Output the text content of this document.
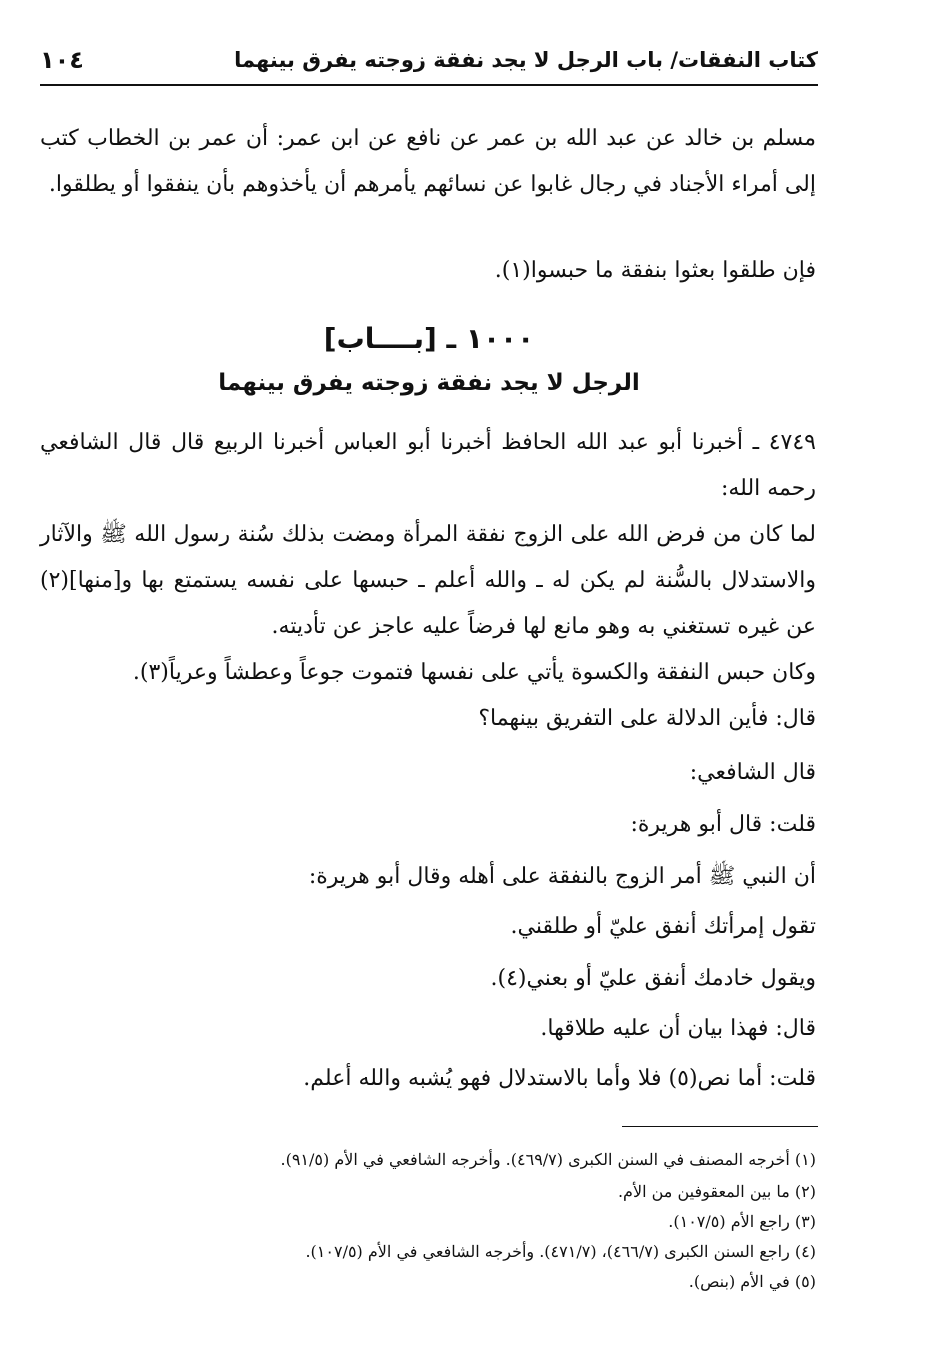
كتاب النفقات/ باب الرجل لا يجد نفقة زوجته يفرق بينهما
١٠٤
مسلم بن خالد عن عبد الله بن عمر عن نافع عن ابن عمر: أن عمر بن الخطاب كتب إلى أمراء الأجناد في رجال غابوا عن نسائهم يأمرهم أن يأخذوهم بأن ينفقوا أو يطلقوا.
فإن طلقوا بعثوا بنفقة ما حبسوا(١).
١٠٠٠ ـ [بــــاب]
الرجل لا يجد نفقة زوجته يفرق بينهما
٤٧٤٩ ـ أخبرنا أبو عبد الله الحافظ أخبرنا أبو العباس أخبرنا الربيع قال قال الشافعي رحمه الله:
لما كان من فرض الله على الزوج نفقة المرأة ومضت بذلك سُنة رسول الله ﷺ والآثار والاستدلال بالسُّنة لم يكن له ـ والله أعلم ـ حبسها على نفسه يستمتع بها و[منها](٢) عن غيره تستغني به وهو مانع لها فرضاً عليه عاجز عن تأديته.
وكان حبس النفقة والكسوة يأتي على نفسها فتموت جوعاً وعطشاً وعرياً(٣).
قال: فأين الدلالة على التفريق بينهما؟
قال الشافعي:
قلت: قال أبو هريرة:
أن النبي ﷺ أمر الزوج بالنفقة على أهله وقال أبو هريرة:
تقول إمرأتك أنفق عليّ أو طلقني.
ويقول خادمك أنفق عليّ أو بعني(٤).
قال: فهذا بيان أن عليه طلاقها.
قلت: أما نص(٥) فلا وأما بالاستدلال فهو يُشبه والله أعلم.
(١) أخرجه المصنف في السنن الكبرى (٤٦٩/٧). وأخرجه الشافعي في الأم (٩١/٥).
(٢) ما بين المعقوفين من الأم.
(٣) راجع الأم (١٠٧/٥).
(٤) راجع السنن الكبرى (٤٦٦/٧)، (٤٧١/٧). وأخرجه الشافعي في الأم (١٠٧/٥).
(٥) في الأم (بنص).
